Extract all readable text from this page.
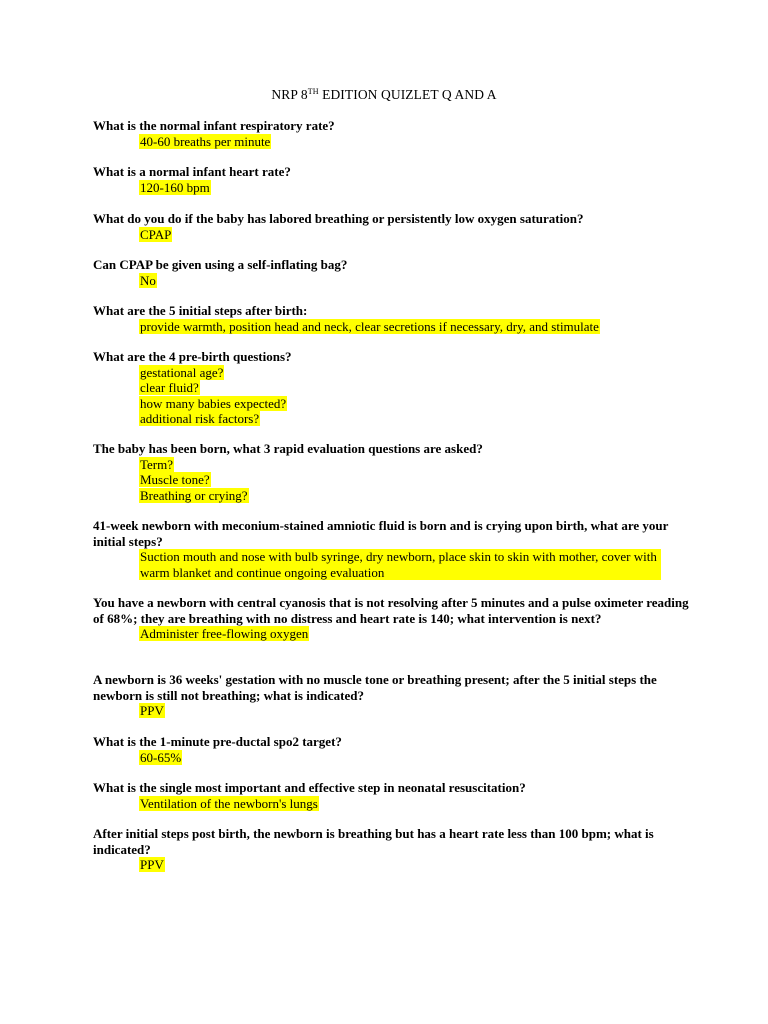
NRP 8TH EDITION QUIZLET Q AND A

What is the normal infant respiratory rate?

40-60 breaths per minute

What is a normal infant heart rate?

120-160 bpm

What do you do if the baby has labored breathing or persistently low oxygen saturation?

CPAP

Can CPAP be given using a self-inflating bag?

No

What are the 5 initial steps after birth:

provide warmth, position head and neck, clear secretions if necessary, dry, and stimulate

What are the 4 pre-birth questions?

gestational age?

clear fluid?

how many babies expected?

additional risk factors?

The baby has been born, what 3 rapid evaluation questions are asked?

Term?

Muscle tone?

Breathing or crying?

41-week newborn with meconium-stained amniotic fluid is born and is crying upon birth, what are your initial steps?

Suction mouth and nose with bulb syringe, dry newborn, place skin to skin with mother, cover with warm blanket and continue ongoing evaluation

You have a newborn with central cyanosis that is not resolving after 5 minutes and a pulse oximeter reading of 68%; they are breathing with no distress and heart rate is 140; what intervention is next?

Administer free-flowing oxygen

A newborn is 36 weeks' gestation with no muscle tone or breathing present; after the 5 initial steps the newborn is still not breathing; what is indicated?

PPV

What is the 1-minute pre-ductal spo2 target?

60-65%

What is the single most important and effective step in neonatal resuscitation?

Ventilation of the newborn's lungs

After initial steps post birth, the newborn is breathing but has a heart rate less than 100 bpm; what is indicated?

PPV
